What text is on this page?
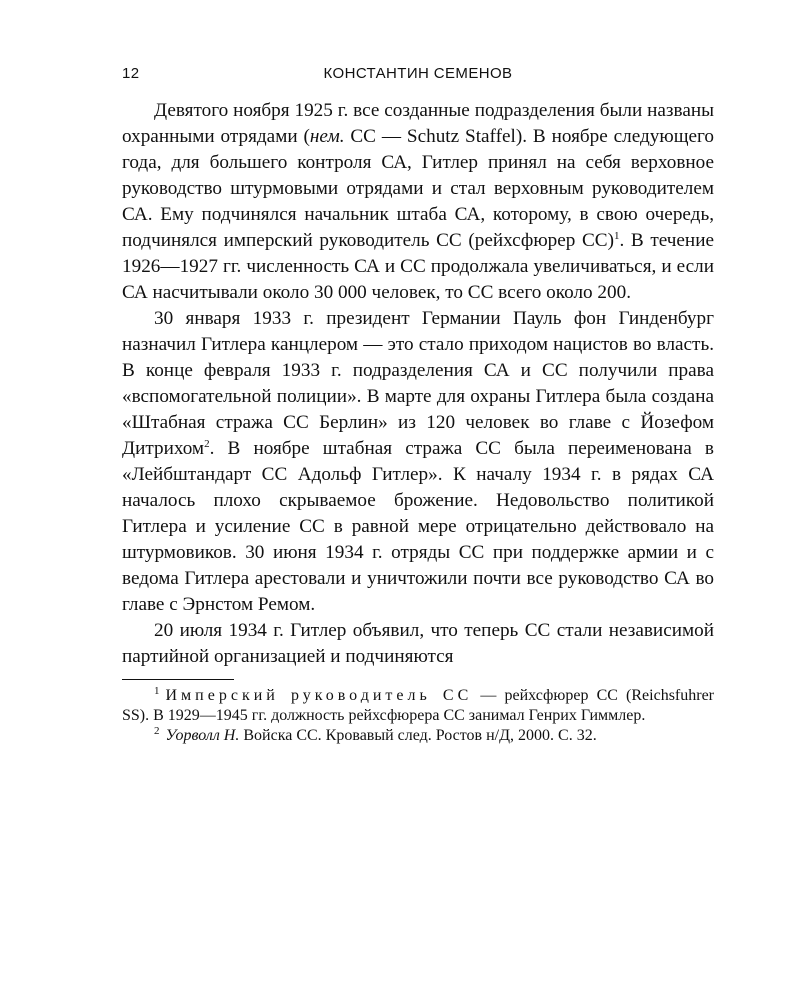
12	КОНСТАНТИН СЕМЕНОВ

Девятого ноября 1925 г. все созданные подразделения были названы охранными отрядами (нем. СС — Schutz Staffel). В ноябре следующего года, для большего контроля СА, Гитлер принял на себя верховное руководство штурмовыми отрядами и стал верховным руководителем СА. Ему подчинялся начальник штаба СА, которому, в свою очередь, подчинялся имперский руководитель СС (рейхсфюрер СС)$^1$. В течение 1926—1927 гг. численность СА и СС продолжала увеличиваться, и если СА насчитывали около 30 000 человек, то СС всего около 200.

30 января 1933 г. президент Германии Пауль фон Гинденбург назначил Гитлера канцлером — это стало приходом нацистов во власть. В конце февраля 1933 г. подразделения СА и СС получили права «вспомогательной полиции». В марте для охраны Гитлера была создана «Штабная стража СС Берлин» из 120 человек во главе с Йозефом Дитрихом$^2$. В ноябре штабная стража СС была переименована в «Лейбштандарт СС Адольф Гитлер». К началу 1934 г. в рядах СА началось плохо скрываемое брожение. Недовольство политикой Гитлера и усиление СС в равной мере отрицательно действовало на штурмовиков. 30 июня 1934 г. отряды СС при поддержке армии и с ведома Гитлера арестовали и уничтожили почти все руководство СА во главе с Эрнстом Ремом.

20 июля 1934 г. Гитлер объявил, что теперь СС стали независимой партийной организацией и подчиняются

$^1$ Имперский руководитель СС — рейхсфюрер СС (Reichsfuhrer SS). В 1929—1945 гг. должность рейхсфюрера СС занимал Генрих Гиммлер.

$^2$ Уорволл Н. Войска СС. Кровавый след. Ростов н/Д, 2000. С. 32.
